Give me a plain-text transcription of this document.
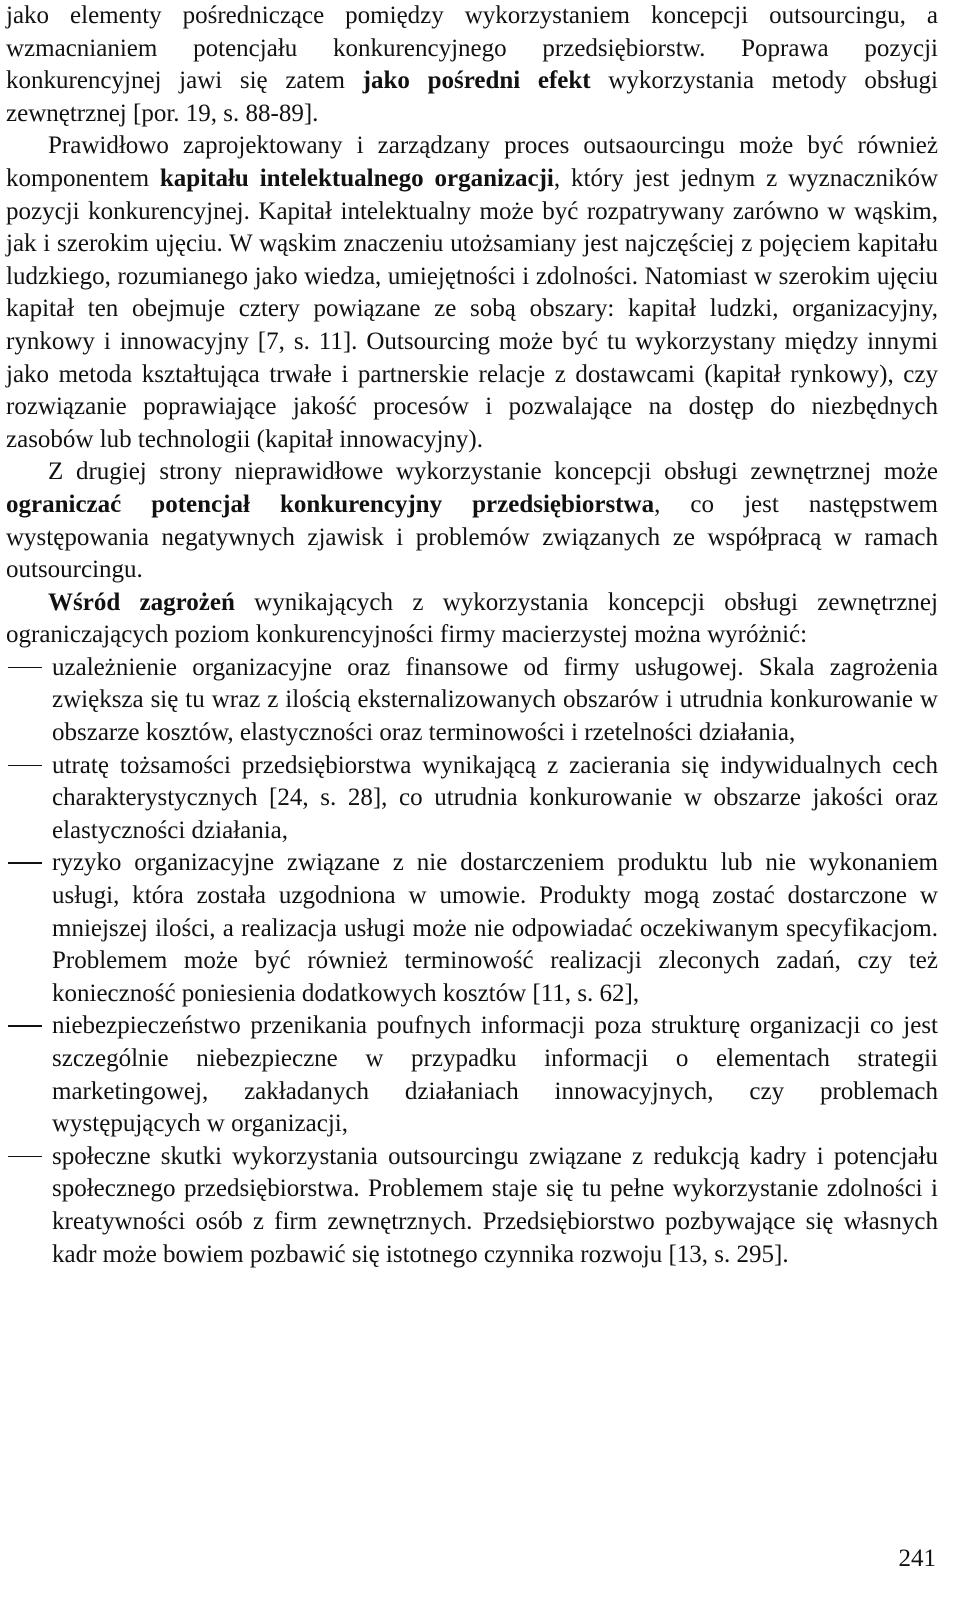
jako elementy pośredniczące pomiędzy wykorzystaniem koncepcji outsourcingu, a wzmacnianiem potencjału konkurencyjnego przedsiębiorstw. Poprawa pozycji konkurencyjnej jawi się zatem jako pośredni efekt wykorzystania metody obsługi zewnętrznej [por. 19, s. 88-89].

Prawidłowo zaprojektowany i zarządzany proces outsaourcingu może być również komponentem kapitału intelektualnego organizacji, który jest jednym z wyznaczników pozycji konkurencyjnej. Kapitał intelektualny może być rozpatrywany zarówno w wąskim, jak i szerokim ujęciu. W wąskim znaczeniu utożsamiany jest najczęściej z pojęciem kapitału ludzkiego, rozumianego jako wiedza, umiejętności i zdolności. Natomiast w szerokim ujęciu kapitał ten obejmuje cztery powiązane ze sobą obszary: kapitał ludzki, organizacyjny, rynkowy i innowacyjny [7, s. 11]. Outsourcing może być tu wykorzystany między innymi jako metoda kształtująca trwałe i partnerskie relacje z dostawcami (kapitał rynkowy), czy rozwiązanie poprawiające jakość procesów i pozwalające na dostęp do niezbędnych zasobów lub technologii (kapitał innowacyjny).

Z drugiej strony nieprawidłowe wykorzystanie koncepcji obsługi zewnętrznej może ograniczać potencjał konkurencyjny przedsiębiorstwa, co jest następstwem występowania negatywnych zjawisk i problemów związanych ze współpracą w ramach outsourcingu.

Wśród zagrożeń wynikających z wykorzystania koncepcji obsługi zewnętrznej ograniczających poziom konkurencyjności firmy macierzystej można wyróżnić:

uzależnienie organizacyjne oraz finansowe od firmy usługowej. Skala zagrożenia zwiększa się tu wraz z ilością eksternalizowanych obszarów i utrudnia konkurowanie w obszarze kosztów, elastyczności oraz terminowości i rzetelności działania,
utratę tożsamości przedsiębiorstwa wynikającą z zacierania się indywidualnych cech charakterystycznych [24, s. 28], co utrudnia konkurowanie w obszarze jakości oraz elastyczności działania,
ryzyko organizacyjne związane z nie dostarczeniem produktu lub nie wykonaniem usługi, która została uzgodniona w umowie. Produkty mogą zostać dostarczone w mniejszej ilości, a realizacja usługi może nie odpowiadać oczekiwanym specyfikacjom. Problemem może być również terminowość realizacji zleconych zadań, czy też konieczność poniesienia dodatkowych kosztów [11, s. 62],
niebezpieczeństwo przenikania poufnych informacji poza strukturę organizacji co jest szczególnie niebezpieczne w przypadku informacji o elementach strategii marketingowej, zakładanych działaniach innowacyjnych, czy problemach występujących w organizacji,
społeczne skutki wykorzystania outsourcingu związane z redukcją kadry i potencjału społecznego przedsiębiorstwa. Problemem staje się tu pełne wykorzystanie zdolności i kreatywności osób z firm zewnętrznych. Przedsiębiorstwo pozbywające się własnych kadr może bowiem pozbawić się istotnego czynnika rozwoju [13, s. 295].
241
